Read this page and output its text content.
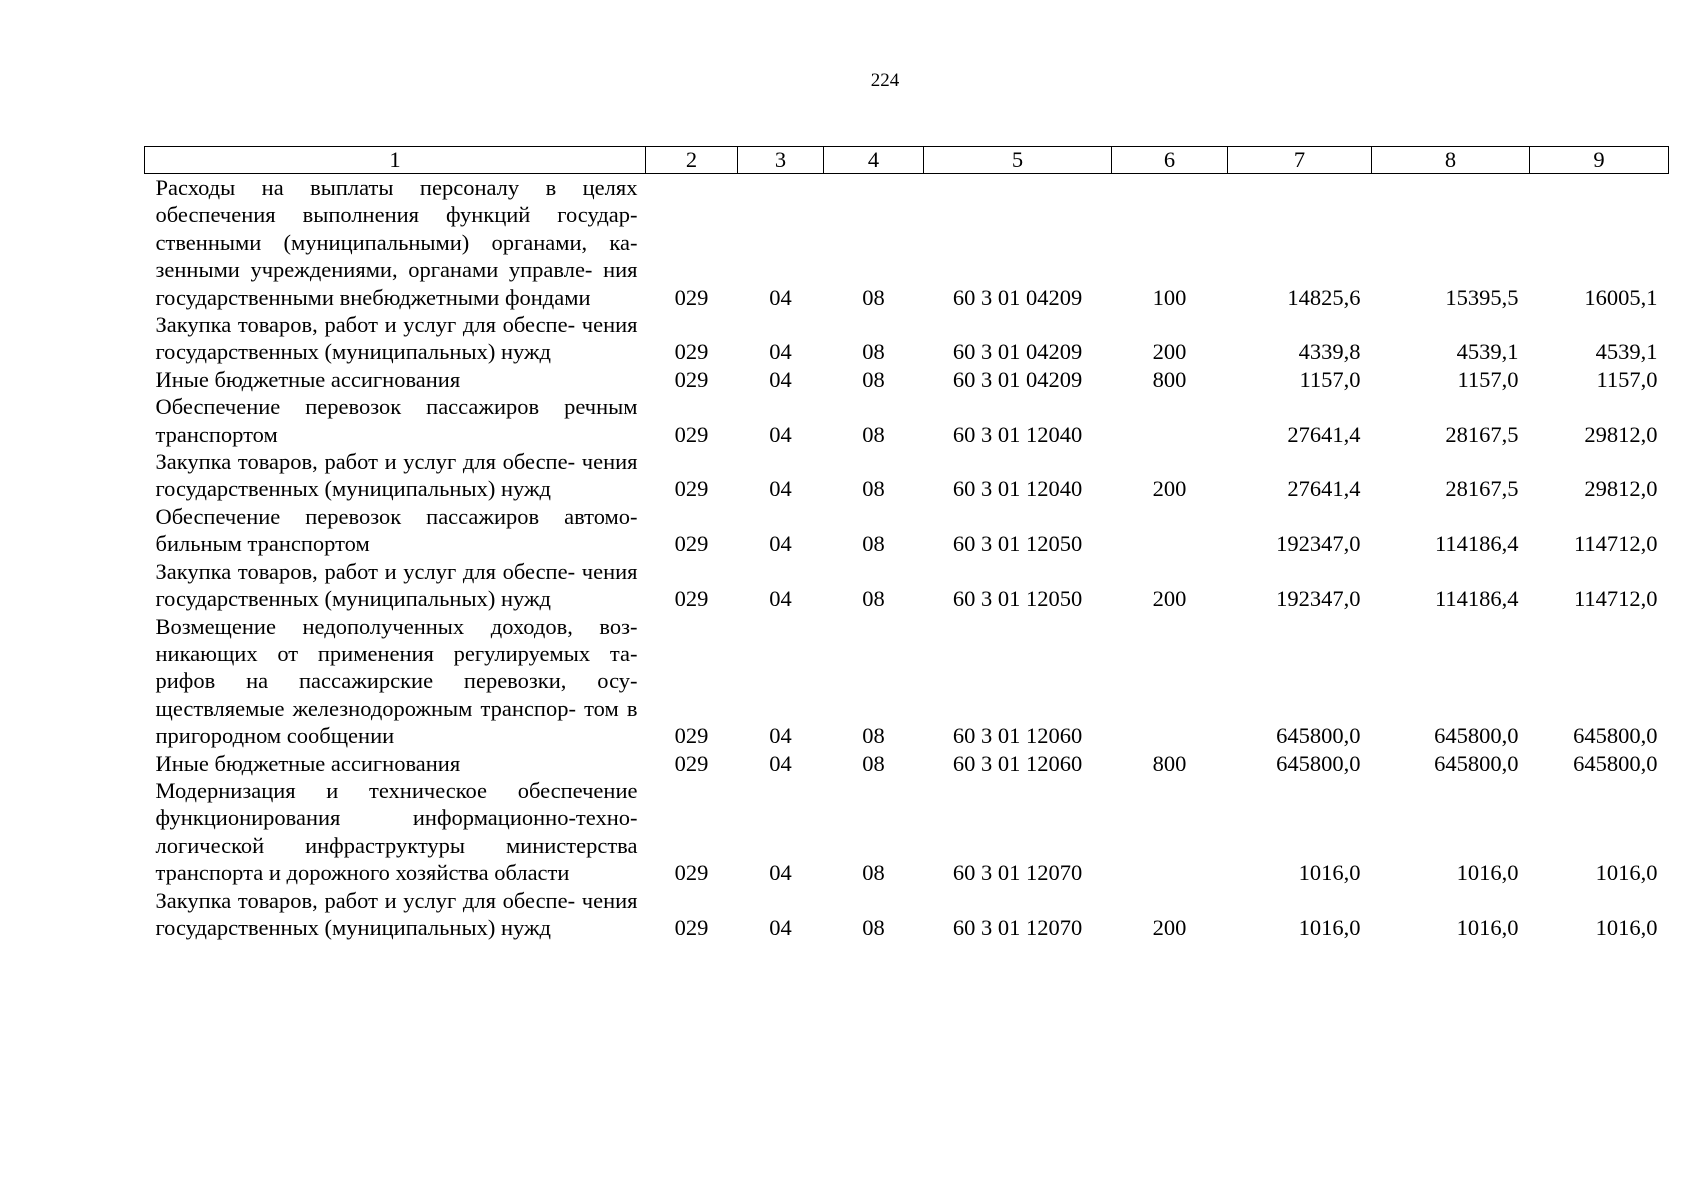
224
1	2	3	4	5	6	7	8	9
Расходы на выплаты персоналу в целях обеспечения выполнения функций государ- ственными (муниципальными) органами, ка- зенными учреждениями, органами управле- ния государственными внебюджетными фондами	029	04	08	60 3 01 04209	100	14825,6	15395,5	16005,1
Закупка товаров, работ и услуг для обеспе- чения государственных (муниципальных) нужд	029	04	08	60 3 01 04209	200	4339,8	4539,1	4539,1
Иные бюджетные ассигнования	029	04	08	60 3 01 04209	800	1157,0	1157,0	1157,0
Обеспечение перевозок пассажиров речным транспортом	029	04	08	60 3 01 12040		27641,4	28167,5	29812,0
Закупка товаров, работ и услуг для обеспе- чения государственных (муниципальных) нужд	029	04	08	60 3 01 12040	200	27641,4	28167,5	29812,0
Обеспечение перевозок пассажиров автомо- бильным транспортом	029	04	08	60 3 01 12050		192347,0	114186,4	114712,0
Закупка товаров, работ и услуг для обеспе- чения государственных (муниципальных) нужд	029	04	08	60 3 01 12050	200	192347,0	114186,4	114712,0
Возмещение недополученных доходов, воз- никающих от применения регулируемых та- рифов на пассажирские перевозки, осу- ществляемые железнодорожным транспор- том в пригородном сообщении	029	04	08	60 3 01 12060		645800,0	645800,0	645800,0
Иные бюджетные ассигнования	029	04	08	60 3 01 12060	800	645800,0	645800,0	645800,0
Модернизация и техническое обеспечение функционирования информационно-техно- логической инфраструктуры министерства транспорта и дорожного хозяйства области	029	04	08	60 3 01 12070		1016,0	1016,0	1016,0
Закупка товаров, работ и услуг для обеспе- чения государственных (муниципальных) нужд	029	04	08	60 3 01 12070	200	1016,0	1016,0	1016,0
